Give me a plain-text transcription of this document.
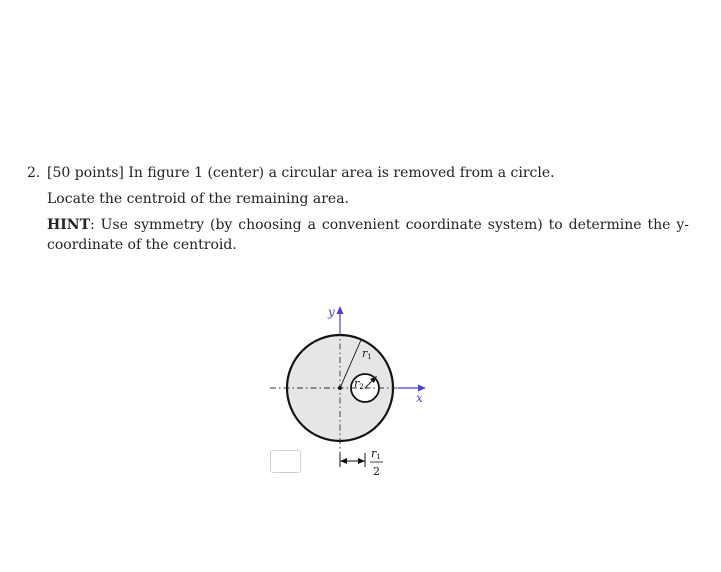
2. [50 points] In figure 1 (center) a circular area is removed from a circle.
Locate the centroid of the remaining area.
HINT: Use symmetry (by choosing a convenient coordinate system) to determine the y-coordinate of the centroid.
y
x
r1
r2
r1
2
